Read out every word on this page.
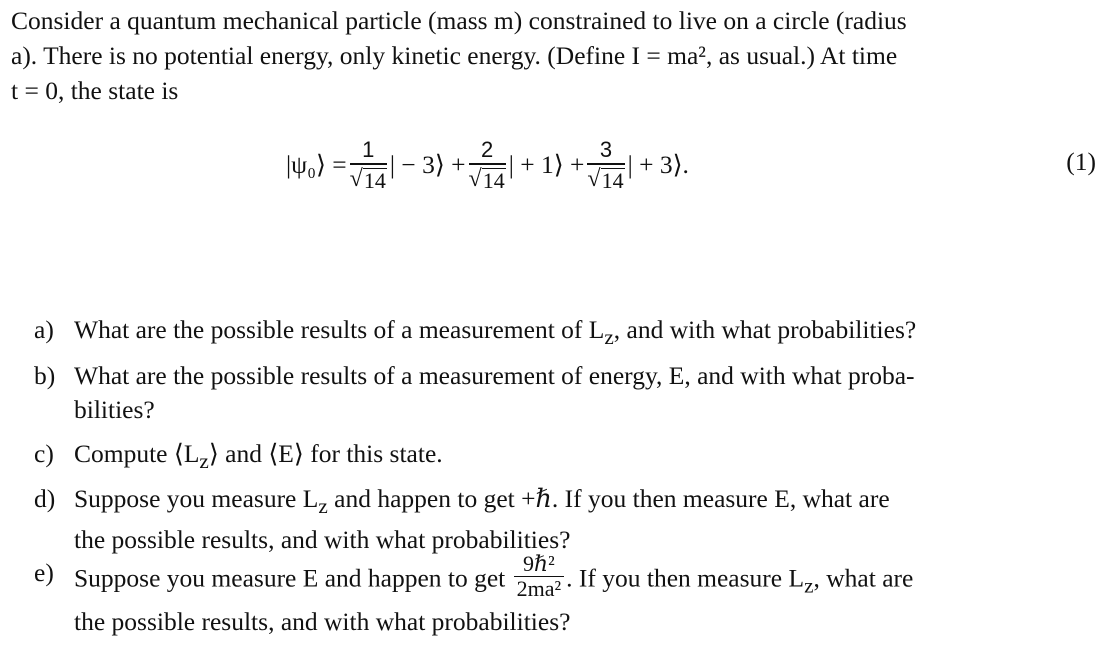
Consider a quantum mechanical particle (mass m) constrained to live on a circle (radius
a). There is no potential energy, only kinetic energy. (Define I = ma², as usual.) At time
t = 0, the state is
|ψ₀⟩ = $\frac{1}{√ 14}$ | − 3⟩ + $\frac{2}{√ 14}$ | + 1⟩ + $\frac{3}{√ 14}$ | + 3⟩.	(1)
a) What are the possible results of a measurement of $L_z$, and with what probabilities?
b) What are the possible results of a measurement of energy, E, and with what proba-
bilities?
c) Compute $⟨L_z⟩$ and ⟨E⟩ for this state.
d) Suppose you measure $L_z$ and happen to get +ℏ. If you then measure E, what are
the possible results, and with what probabilities?
e) Suppose you measure E and happen to get $\frac{\text{9ℏ²}}{\text{2ma²}}$ . If you then measure $L_z$, what are
the possible results, and with what probabilities?
